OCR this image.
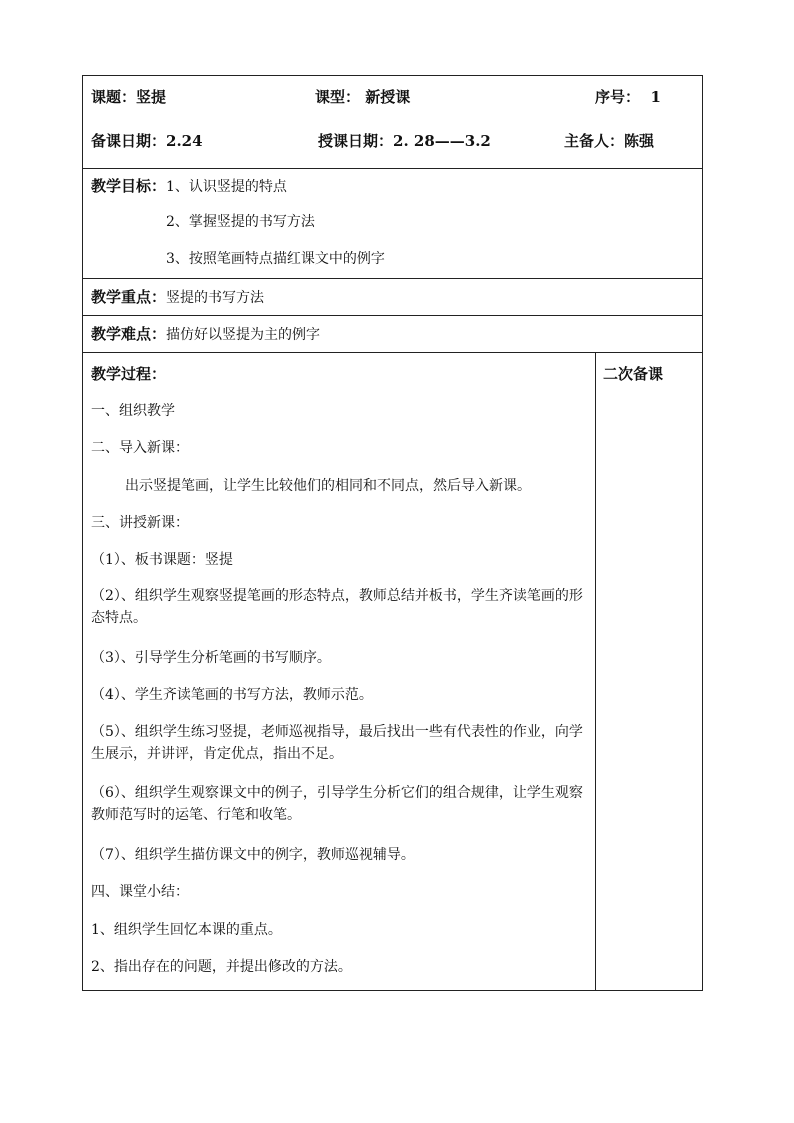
课题：竖提	课型： 新授课	序号： 1
备课日期：2.24	授课日期：2. 28——3.2	主备人：陈强
教学目标：1、认识竖提的特点
2、掌握竖提的书写方法
3、按照笔画特点描红课文中的例字
教学重点：竖提的书写方法
教学难点：描仿好以竖提为主的例字
二次备课
教学过程：
一、组织教学
二、导入新课：
出示竖提笔画，让学生比较他们的相同和不同点，然后导入新课。
三、讲授新课：
（1）、板书课题：竖提

（2）、组织学生观察竖提笔画的形态特点，教师总结并板书，学生齐读笔画的形态特点。

（3）、引导学生分析笔画的书写顺序。
（4）、学生齐读笔画的书写方法，教师示范。

（5）、组织学生练习竖提，老师巡视指导，最后找出一些有代表性的作业，向学生展示，并讲评，肯定优点，指出不足。

（6）、组织学生观察课文中的例子，引导学生分析它们的组合规律，让学生观察教师范写时的运笔、行笔和收笔。

（7）、组织学生描仿课文中的例字，教师巡视辅导。
四、课堂小结：
1、组织学生回忆本课的重点。
2、指出存在的问题，并提出修改的方法。
